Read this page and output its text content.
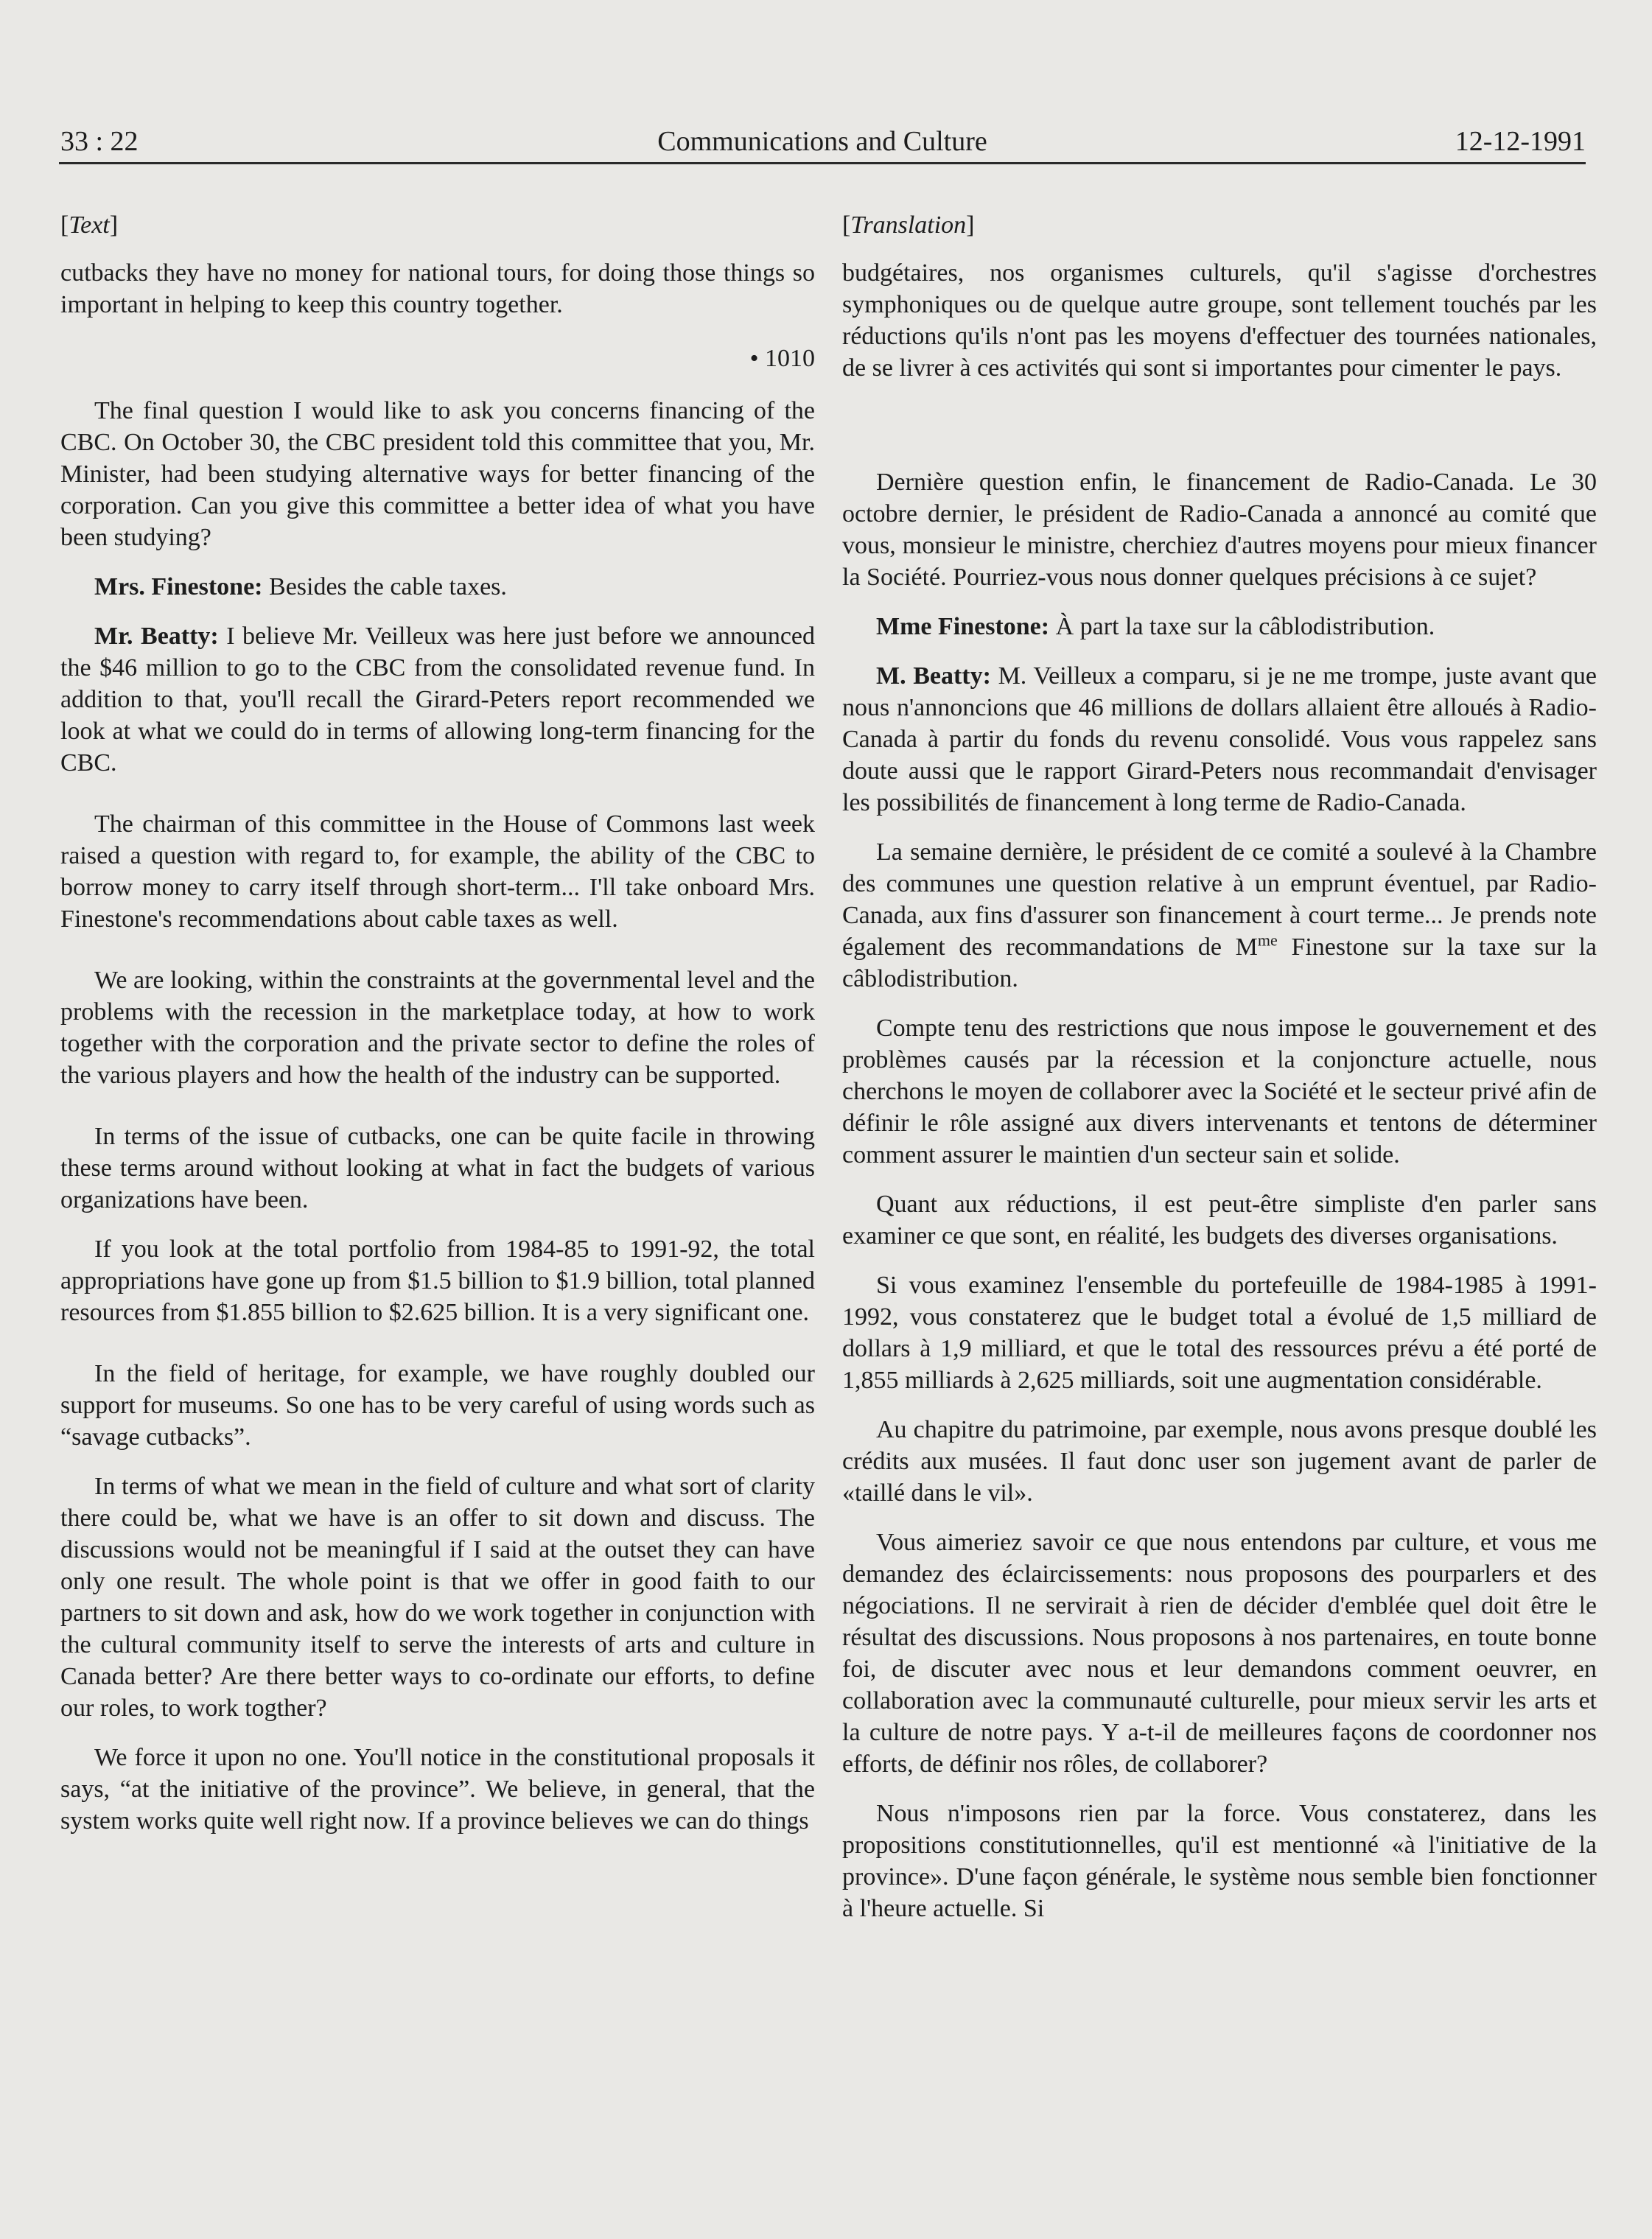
33 : 22	Communications and Culture	12-12-1991
[Text]

cutbacks they have no money for national tours, for doing those things so important in helping to keep this country together.

• 1010

The final question I would like to ask you concerns financing of the CBC. On October 30, the CBC president told this committee that you, Mr. Minister, had been studying alternative ways for better financing of the corporation. Can you give this committee a better idea of what you have been studying?

Mrs. Finestone: Besides the cable taxes.

Mr. Beatty: I believe Mr. Veilleux was here just before we announced the $46 million to go to the CBC from the consolidated revenue fund. In addition to that, you'll recall the Girard-Peters report recommended we look at what we could do in terms of allowing long-term financing for the CBC.

The chairman of this committee in the House of Commons last week raised a question with regard to, for example, the ability of the CBC to borrow money to carry itself through short-term... I'll take onboard Mrs. Finestone's recommendations about cable taxes as well.

We are looking, within the constraints at the governmental level and the problems with the recession in the marketplace today, at how to work together with the corporation and the private sector to define the roles of the various players and how the health of the industry can be supported.

In terms of the issue of cutbacks, one can be quite facile in throwing these terms around without looking at what in fact the budgets of various organizations have been.

If you look at the total portfolio from 1984-85 to 1991-92, the total appropriations have gone up from $1.5 billion to $1.9 billion, total planned resources from $1.855 billion to $2.625 billion. It is a very significant one.

In the field of heritage, for example, we have roughly doubled our support for museums. So one has to be very careful of using words such as “savage cutbacks”.

In terms of what we mean in the field of culture and what sort of clarity there could be, what we have is an offer to sit down and discuss. The discussions would not be meaningful if I said at the outset they can have only one result. The whole point is that we offer in good faith to our partners to sit down and ask, how do we work together in conjunction with the cultural community itself to serve the interests of arts and culture in Canada better? Are there better ways to co-ordinate our efforts, to define our roles, to work togther?

We force it upon no one. You'll notice in the constitutional proposals it says, “at the initiative of the province”. We believe, in general, that the system works quite well right now. If a province believes we can do things

[Translation]

budgétaires, nos organismes culturels, qu'il s'agisse d'orchestres symphoniques ou de quelque autre groupe, sont tellement touchés par les réductions qu'ils n'ont pas les moyens d'effectuer des tournées nationales, de se livrer à ces activités qui sont si importantes pour cimenter le pays.

Dernière question enfin, le financement de Radio-Canada. Le 30 octobre dernier, le président de Radio-Canada a annoncé au comité que vous, monsieur le ministre, cherchiez d'autres moyens pour mieux financer la Société. Pourriez-vous nous donner quelques précisions à ce sujet?

Mme Finestone: À part la taxe sur la câblodistribution.

M. Beatty: M. Veilleux a comparu, si je ne me trompe, juste avant que nous n'annoncions que 46 millions de dollars allaient être alloués à Radio-Canada à partir du fonds du revenu consolidé. Vous vous rappelez sans doute aussi que le rapport Girard-Peters nous recommandait d'envisager les possibilités de financement à long terme de Radio-Canada.

La semaine dernière, le président de ce comité a soulevé à la Chambre des communes une question relative à un emprunt éventuel, par Radio-Canada, aux fins d'assurer son financement à court terme... Je prends note également des recommandations de $M^{me}$ Finestone sur la taxe sur la câblodistribution.

Compte tenu des restrictions que nous impose le gouvernement et des problèmes causés par la récession et la conjoncture actuelle, nous cherchons le moyen de collaborer avec la Société et le secteur privé afin de définir le rôle assigné aux divers intervenants et tentons de déterminer comment assurer le maintien d'un secteur sain et solide.

Quant aux réductions, il est peut-être simpliste d'en parler sans examiner ce que sont, en réalité, les budgets des diverses organisations.

Si vous examinez l'ensemble du portefeuille de 1984-1985 à 1991-1992, vous constaterez que le budget total a évolué de 1,5 milliard de dollars à 1,9 milliard, et que le total des ressources prévu a été porté de 1,855 milliards à 2,625 milliards, soit une augmentation considérable.

Au chapitre du patrimoine, par exemple, nous avons presque doublé les crédits aux musées. Il faut donc user son jugement avant de parler de «taillé dans le vil».

Vous aimeriez savoir ce que nous entendons par culture, et vous me demandez des éclaircissements: nous proposons des pourparlers et des négociations. Il ne servirait à rien de décider d'emblée quel doit être le résultat des discussions. Nous proposons à nos partenaires, en toute bonne foi, de discuter avec nous et leur demandons comment oeuvrer, en collaboration avec la communauté culturelle, pour mieux servir les arts et la culture de notre pays. Y a-t-il de meilleures façons de coordonner nos efforts, de définir nos rôles, de collaborer?

Nous n'imposons rien par la force. Vous constaterez, dans les propositions constitutionnelles, qu'il est mentionné «à l'initiative de la province». D'une façon générale, le système nous semble bien fonctionner à l'heure actuelle. Si
